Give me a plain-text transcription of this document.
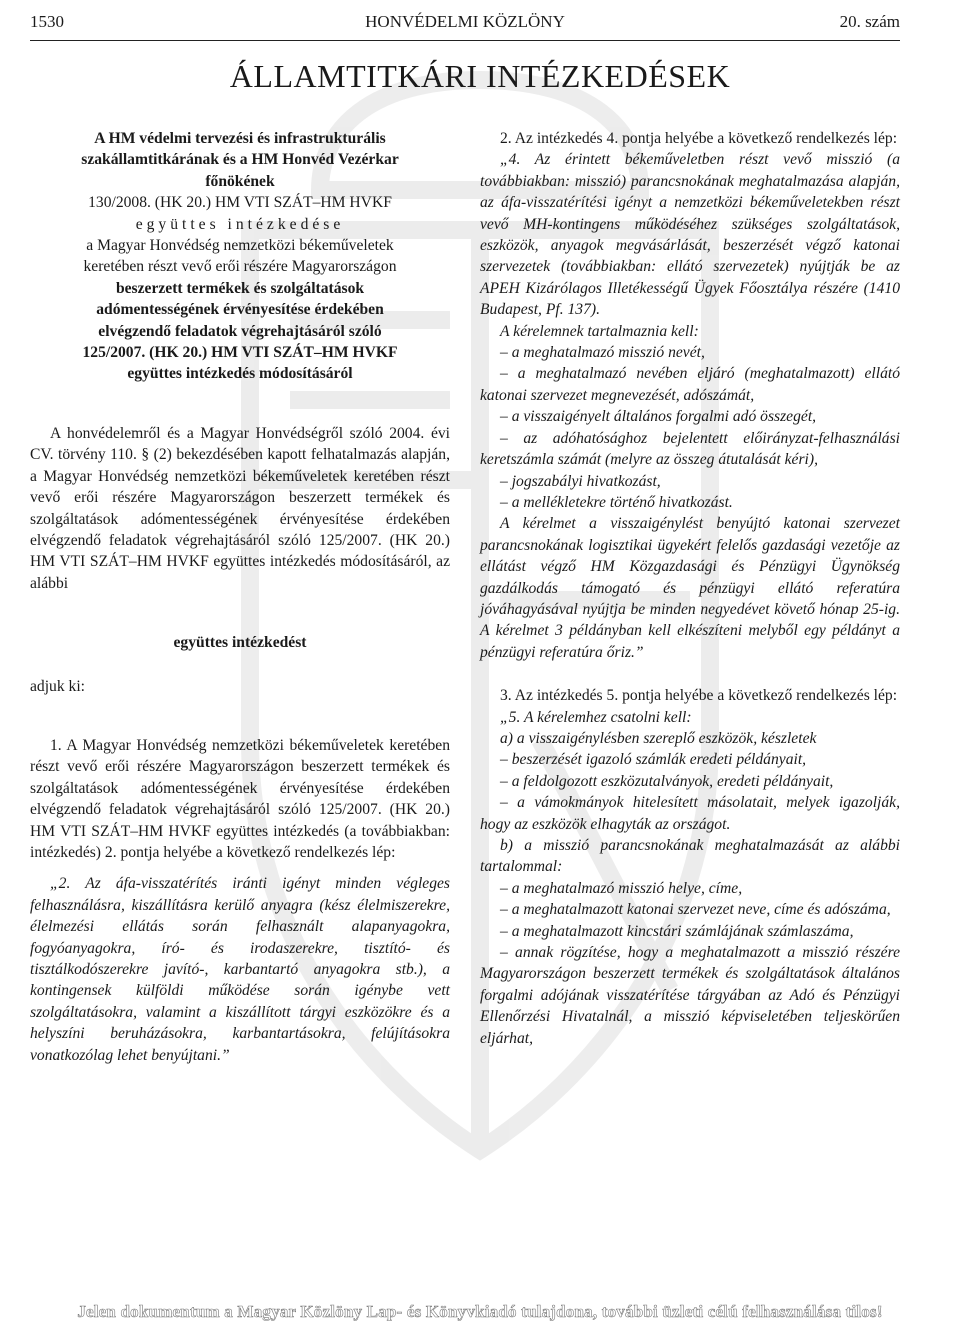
1530	HONVÉDELMI KÖZLÖNY	20. szám
ÁLLAMTITKÁRI INTÉZKEDÉSEK
A HM védelmi tervezési és infrastrukturális
szakállamtitkárának és a HM Honvéd Vezérkar
főnökének
130/2008. (HK 20.) HM VTI SZÁT–HM HVKF
együttes intézkedése
a Magyar Honvédség nemzetközi békeműveletek
keretében részt vevő erői részére Magyarországon
beszerzett termékek és szolgáltatások
adómentességének érvényesítése érdekében
elvégzendő feladatok végrehajtásáról szóló
125/2007. (HK 20.) HM VTI SZÁT–HM HVKF
együttes intézkedés módosításáról

A honvédelemről és a Magyar Honvédségről szóló 2004. évi CV. törvény 110. § (2) bekezdésében kapott felhatalmazás alapján, a Magyar Honvédség nemzetközi békeműveletek keretében részt vevő erői részére Magyarországon beszerzett termékek és szolgáltatások adómentességének érvényesítése érdekében elvégzendő feladatok végrehajtásáról szóló 125/2007. (HK 20.) HM VTI SZÁT–HM HVKF együttes intézkedés módosításáról, az alábbi

együttes intézkedést
adjuk ki:

1. A Magyar Honvédség nemzetközi békeműveletek keretében részt vevő erői részére Magyarországon beszerzett termékek és szolgáltatások adómentességének érvényesítése érdekében elvégzendő feladatok végrehajtásáról szóló 125/2007. (HK 20.) HM VTI SZÁT–HM HVKF együttes intézkedés (a továbbiakban: intézkedés) 2. pontja helyébe a következő rendelkezés lép:

„2. Az áfa-visszatérítés iránti igényt minden végleges felhasználásra, kiszállításra kerülő anyagra (kész élelmiszerekre, élelmezési ellátás során felhasznált alapanyagokra, fogyóanyagokra, író- és irodaszerekre, tisztító- és tisztálkodószerekre javító-, karbantartó anyagokra stb.), a kontingensek külföldi működése során igénybe vett szolgáltatásokra, valamint a kiszállított tárgyi eszközökre és a helyszíni beruházásokra, karbantartásokra, felújításokra vonatkozólag lehet benyújtani.”

2. Az intézkedés 4. pontja helyébe a következő rendelkezés lép:

„4. Az érintett békeműveletben részt vevő misszió (a továbbiakban: misszió) parancsnokának meghatalmazása alapján, az áfa-visszatérítési igényt a nemzetközi békeműveletekben részt vevő MH-kontingens működéséhez szükséges szolgáltatások, eszközök, anyagok megvásárlását, beszerzését végző katonai szervezetek (továbbiakban: ellátó szervezetek) nyújtják be az APEH Kizárólagos Illetékességű Ügyek Főosztálya részére (1410 Budapest, Pf. 137).

A kérelemnek tartalmaznia kell:

– a meghatalmazó misszió nevét,

– a meghatalmazó nevében eljáró (meghatalmazott) ellátó katonai szervezet megnevezését, adószámát,

– a visszaigényelt általános forgalmi adó összegét,

– az adóhatósághoz bejelentett előirányzat-felhasználási keretszámla számát (melyre az összeg átutalását kéri),

– jogszabályi hivatkozást,

– a mellékletekre történő hivatkozást.

A kérelmet a visszaigénylést benyújtó katonai szervezet parancsnokának logisztikai ügyekért felelős gazdasági vezetője az ellátást végző HM Közgazdasági és Pénzügyi Ügynökség gazdálkodás támogató és pénzügyi ellátó referatúra jóváhagyásával nyújtja be minden negyedévet követő hónap 25-ig. A kérelmet 3 példányban kell elkészíteni melyből egy példányt a pénzügyi referatúra őriz.”

3. Az intézkedés 5. pontja helyébe a következő rendelkezés lép:

„5. A kérelemhez csatolni kell:

a) a visszaigénylésben szereplő eszközök, készletek

– beszerzését igazoló számlák eredeti példányait,

– a feldolgozott eszközutalványok, eredeti példányait,

– a vámokmányok hitelesített másolatait, melyek igazolják, hogy az eszközök elhagyták az országot.

b) a misszió parancsnokának meghatalmazását az alábbi tartalommal:

– a meghatalmazó misszió helye, címe,

– a meghatalmazott katonai szervezet neve, címe és adószáma,

– a meghatalmazott kincstári számlájának számlaszáma,

– annak rögzítése, hogy a meghatalmazott a misszió részére Magyarországon beszerzett termékek és szolgáltatások általános forgalmi adójának visszatérítése tárgyában az Adó és Pénzügyi Ellenőrzési Hivatalnál, a misszió képviseletében teljeskörűen eljárhat,

Jelen dokumentum a Magyar Közlöny Lap- és Könyvkiadó tulajdona, további üzleti célú felhasználása tilos!
